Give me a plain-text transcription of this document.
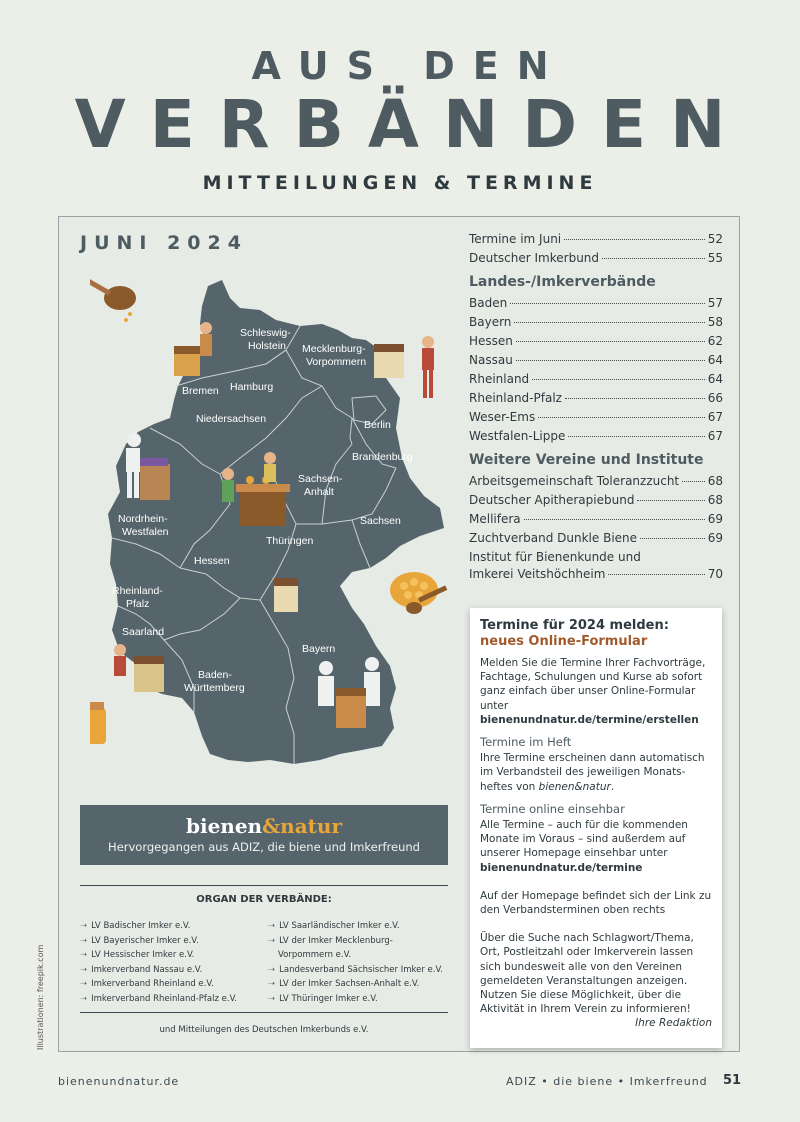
AUS DEN
VERBÄNDEN
MITTEILUNGEN & TERMINE
JUNI 2024
Schleswig-
Holstein Mecklenburg-
Vorpommern
Bremen Hamburg
Niedersachsen	Berlin
Brandenburg
Sachsen-
Anhalt
Sachsen
Nordrhein-
Westfalen
Thüringen
Hessen
Rheinland-
Pfalz
Saarland
Bayern
Baden-
Württemberg
Termine im Juni	52
Deutscher Imkerbund	55
Landes-/Imkerverbände
Baden	57
Bayern	58
Hessen	62
Nassau	64
Rheinland	64
Rheinland-Pfalz	66
Weser-Ems	67
Westfalen-Lippe	67
Weitere Vereine und Institute
Arbeitsgemeinschaft Toleranzzucht 68
Deutscher Apitherapiebund	68
Mellifera	69
Zuchtverband Dunkle Biene	69
Institut für Bienenkunde und
Imkerei Veitshöchheim	70
Termine für 2024 melden:
neues Online-Formular

Melden Sie die Termine Ihrer Fachvorträge, Fachtage, Schulungen und Kurse ab sofort ganz einfach über unser Online-Formular unter bienenundnatur.de/termine/erstellen

Termine im Heft

Ihre Termine erscheinen dann automatisch im Verbandsteil des jeweiligen Monats-heftes von bienen&natur.

Termine online einsehbar

Alle Termine – auch für die kommenden Monate im Voraus – sind außerdem auf unserer Homepage einsehbar unter
bienenundnatur.de/termine

Auf der Homepage befindet sich der Link zu den Verbandsterminen oben rechts

Über die Suche nach Schlagwort/Thema, Ort, Postleitzahl oder Imkerverein lassen sich bundesweit alle von den Vereinen gemeldeten Veranstaltungen anzeigen. Nutzen Sie diese Möglichkeit, über die Aktivität in Ihrem Verein zu informieren!

Ihre Redaktion
bienen&natur
Hervorgegangen aus ADIZ, die biene und Imkerfreund
ORGAN DER VERBÄNDE:
➝ LV Badischer Imker e.V.
➝ LV Bayerischer Imker e.V.
➝ LV Hessischer Imker e.V.
➝ Imkerverband Nassau e.V.
➝ Imkerverband Rheinland e.V.
➝ Imkerverband Rheinland-Pfalz e.V.
➝ LV Saarländischer Imker e.V.
➝ LV der Imker Mecklenburg-
Vorpommern e.V.
➝ Landesverband Sächsischer Imker e.V.
➝ LV der Imker Sachsen-Anhalt e.V.
➝ LV Thüringer Imker e.V.
und Mitteilungen des Deutschen Imkerbunds e.V.
Illustrationen: freepik.com
bienenundnatur.de	ADIZ • die biene • Imkerfreund 51
